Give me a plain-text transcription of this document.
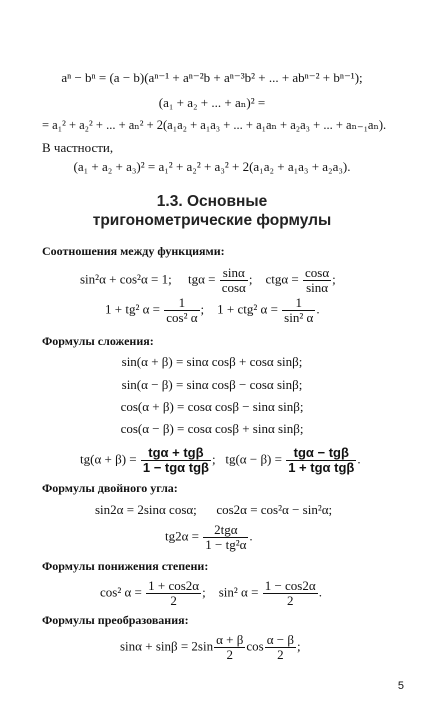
aⁿ − bⁿ = (a − b)(aⁿ⁻¹ + aⁿ⁻²b + aⁿ⁻³b² + ... + abⁿ⁻² + bⁿ⁻¹);
(a₁ + a₂ + ... + aₙ)² =
= a₁² + a₂² + ... + aₙ² + 2(a₁a₂ + a₁a₃ + ... + a₁aₙ + a₂a₃ + ... + aₙ₋₁aₙ).
В частности,
(a₁ + a₂ + a₃)² = a₁² + a₂² + a₃² + 2(a₁a₂ + a₁a₃ + a₂a₃).
1.3. Основные
тригонометрические формулы
Соотношения между функциями:
sin²α + cos²α = 1; $tg\alpha = \frac{\sin\alpha}{\cos\alpha}$ ;    $ctg\alpha = \frac{\cos\alpha}{\sin\alpha}$ ;
1 + tg² $\alpha = \frac{1}{\text{cos² α}}$ ;    1 + ctg² $\alpha = \frac{1}{\text{sin² α}}$ .
Формулы сложения:
sin(α + β) = sinα cosβ + cosα sinβ;
sin(α − β) = sinα cosβ − cosα sinβ;
cos(α + β) = cosα cosβ − sinα sinβ;
cos(α − β) = cosα cosβ + sinα sinβ;
$tg(\alpha + \beta) = \frac{\text{tgα + tgβ}}{\text{1 − tgα tgβ}}$ ;   $tg(\alpha - \beta) = \frac{\text{tgα − tgβ}}{\text{1 + tgα tgβ}}$ .
Формулы двойного угла:
sin2α = 2sinα cosα; cos2α = cos²α − sin²α;
$tg2\alpha = \frac{\text{2tgα}}{\text{1 − tg²α}}$ .
Формулы понижения степени:
cos² $\alpha = \frac{1 + \cos 2\alpha}{2}$ ;    sin² $\alpha = \frac{1 - \cos 2\alpha}{2}$ .
Формулы преобразования:
$\sin\alpha + \sin\beta = 2\sin \frac{\alpha + \beta}{2}$ $\cos \frac{\alpha - \beta}{2}$ ;
5
